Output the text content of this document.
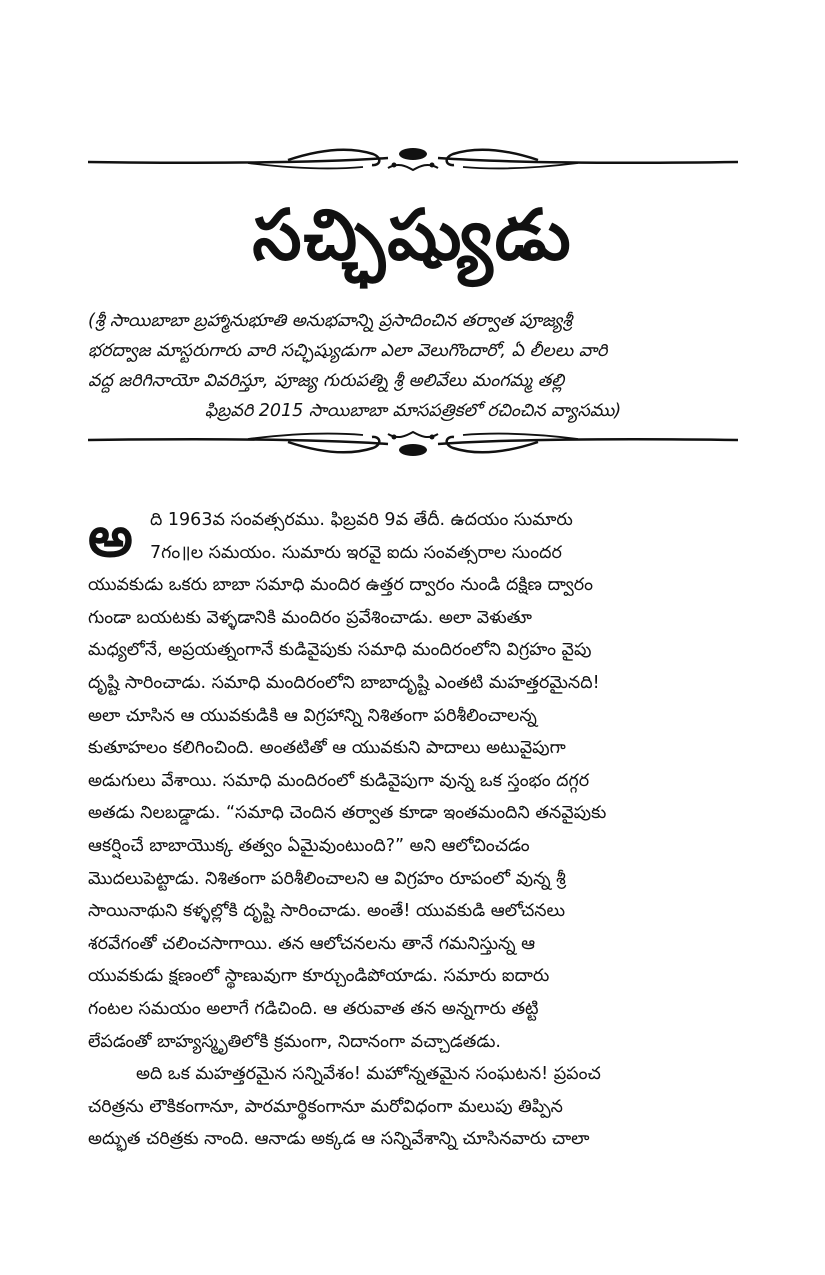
సచ్ఛిష్యుడు
(శ్రీ సాయిబాబా బ్రహ్మానుభూతి అనుభవాన్ని ప్రసాదించిన తర్వాత పూజ్యశ్రీ
భరద్వాజ మాస్టరుగారు వారి సచ్ఛిష్యుడుగా ఎలా వెలుగొందారో, ఏ లీలలు వారి
వద్ద జరిగినాయో వివరిస్తూ, పూజ్య గురుపత్ని శ్రీ అలివేలు మంగమ్మ తల్లి
ఫిబ్రవరి 2015 సాయిబాబా మాసపత్రికలో రచించిన వ్యాసము)
అ ది 1963వ సంవత్సరము. ఫిబ్రవరి 9వ తేదీ. ఉదయం సుమారు
7గం॥ల సమయం. సుమారు ఇరవై ఐదు సంవత్సరాల సుందర
యువకుడు ఒకరు బాబా సమాధి మందిర ఉత్తర ద్వారం నుండి దక్షిణ ద్వారం
గుండా బయటకు వెళ్ళడానికి మందిరం ప్రవేశించాడు. అలా వెళుతూ
మధ్యలోనే, అప్రయత్నంగానే కుడివైపుకు సమాధి మందిరంలోని విగ్రహం వైపు
దృష్టి సారించాడు. సమాధి మందిరంలోని బాబాదృష్టి ఎంతటి మహత్తరమైనది!
అలా చూసిన ఆ యువకుడికి ఆ విగ్రహాన్ని నిశితంగా పరిశీలించాలన్న
కుతూహలం కలిగించింది. అంతటితో ఆ యువకుని పాదాలు అటువైపుగా
అడుగులు వేశాయి. సమాధి మందిరంలో కుడివైపుగా వున్న ఒక స్తంభం దగ్గర
అతడు నిలబడ్డాడు. “సమాధి చెందిన తర్వాత కూడా ఇంతమందిని తనవైపుకు
ఆకర్షించే బాబాయొక్క తత్వం ఏమైవుంటుంది?” అని ఆలోచించడం
మొదలుపెట్టాడు. నిశితంగా పరిశీలించాలని ఆ విగ్రహం రూపంలో వున్న శ్రీ
సాయినాథుని కళ్ళల్లోకి దృష్టి సారించాడు. అంతే! యువకుడి ఆలోచనలు
శరవేగంతో చలించసాగాయి. తన ఆలోచనలను తానే గమనిస్తున్న ఆ
యువకుడు క్షణంలో స్థాణువుగా కూర్చుండిపోయాడు. సమారు ఐదారు
గంటల సమయం అలాగే గడిచింది. ఆ తరువాత తన అన్నగారు తట్టి
లేపడంతో బాహ్యస్మృతిలోకి క్రమంగా, నిదానంగా వచ్చాడతడు.
అది ఒక మహత్తరమైన సన్నివేశం! మహోన్నతమైన సంఘటన! ప్రపంచ
చరిత్రను లౌకికంగానూ, పారమార్థికంగానూ మరోవిధంగా మలుపు తిప్పిన
అద్భుత చరిత్రకు నాంది. ఆనాడు అక్కడ ఆ సన్నివేశాన్ని చూసినవారు చాలా
